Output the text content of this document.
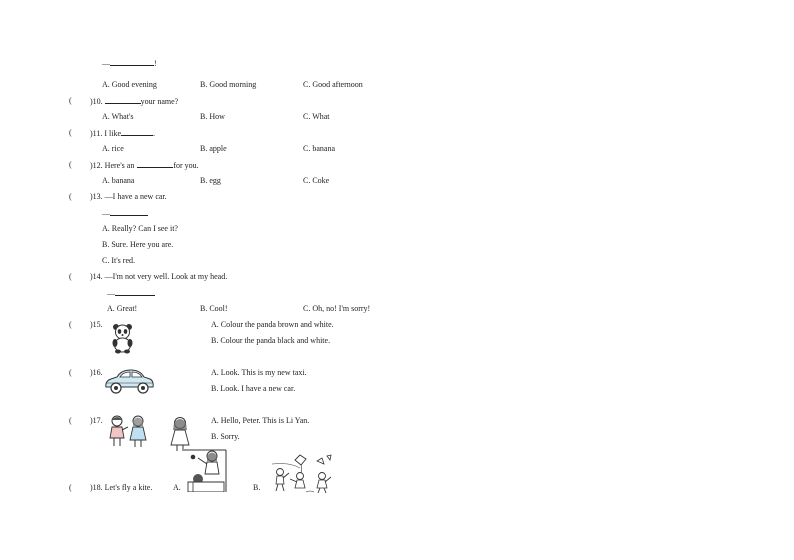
—	!
A. Good evening	B. Good morning	C. Good afternoon
( )10.	your name?
A. What's	B. How	C. What
( )11. I like	.
A. rice	B. apple	C. banana
( )12. Here's an	for you.
A. banana	B. egg	C. Coke
( )13. —I have a new car.
—
A. Really? Can I see it?
B. Sure. Here you are.
C. It's red.
( )14. —I'm not very well. Look at my head.
—
A. Great!	B. Cool!	C. Oh, no! I'm sorry!
( )15.	A. Colour the panda brown and white.
B. Colour the panda black and white.
( )16.	A. Look. This is my new taxi.
B. Look. I have a new car.
( )17.	A. Hello, Peter. This is Li Yan.
B. Sorry.
( )18. Let's fly a kite.	A.	B.
